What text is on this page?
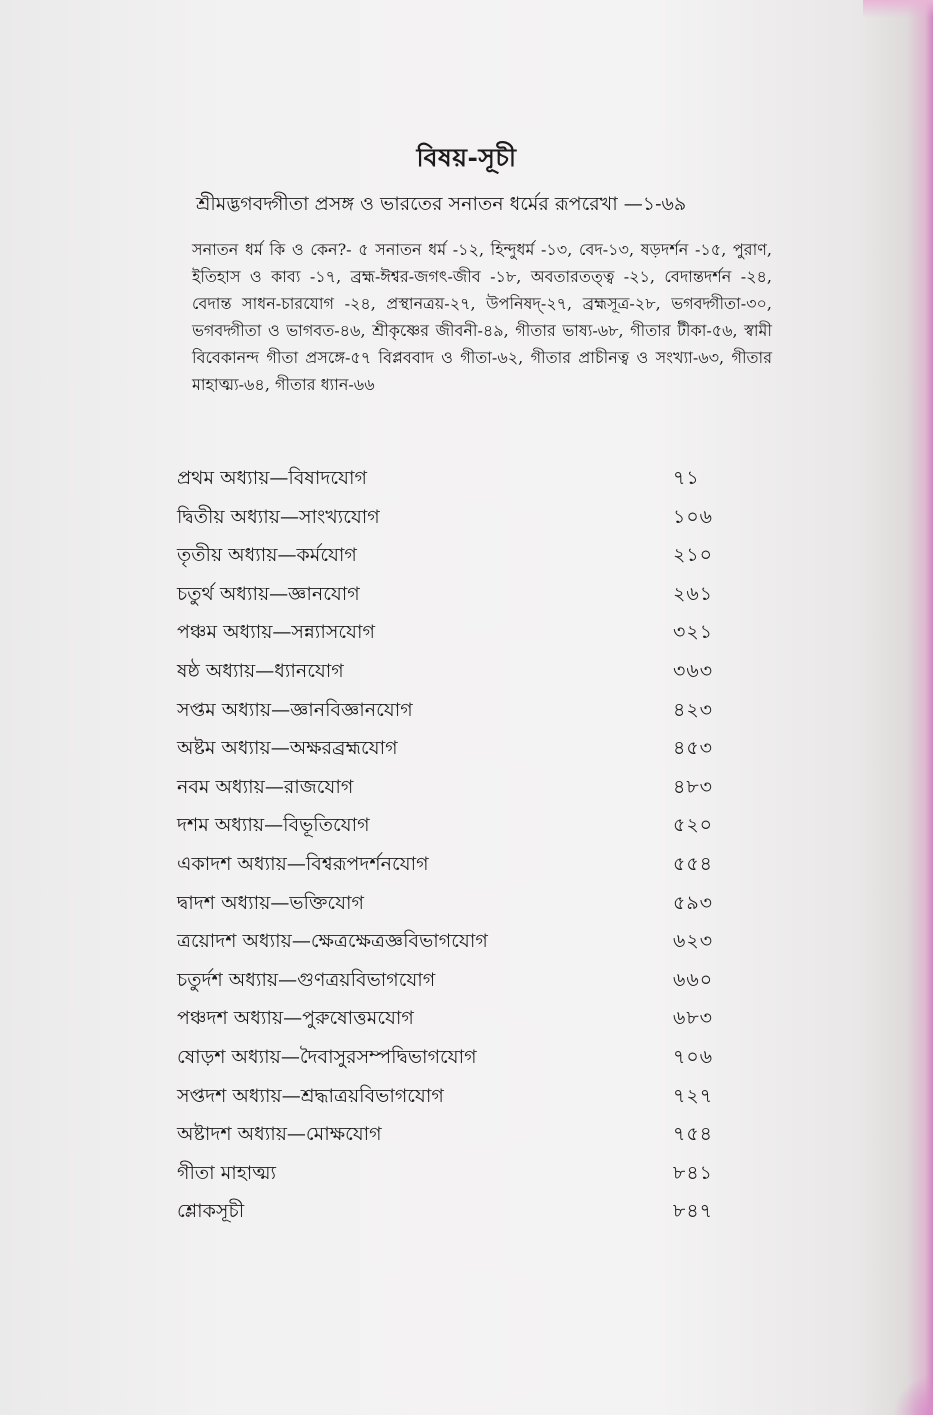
বিষয়-সূচী
শ্রীমদ্ভগবদ্গীতা প্রসঙ্গ ও ভারতের সনাতন ধর্মের রূপরেখা —১-৬৯
সনাতন ধর্ম কি ও কেন?- ৫ সনাতন ধর্ম -১২, হিন্দুধর্ম -১৩, বেদ-১৩, ষড়দর্শন -১৫, পুরাণ, ইতিহাস ও কাব্য -১৭, ব্রহ্ম-ঈশ্বর-জগৎ-জীব -১৮, অবতারতত্ত্ব -২১, বেদান্তদর্শন -২৪, বেদান্ত সাধন-চারযোগ -২৪, প্রস্থানত্রয়-২৭, উপনিষদ্-২৭, ব্রহ্মসূত্র-২৮, ভগবদ্গীতা-৩০, ভগবদ্গীতা ও ভাগবত-৪৬, শ্রীকৃষ্ণের জীবনী-৪৯, গীতার ভাষ্য-৬৮, গীতার টীকা-৫৬, স্বামী বিবেকানন্দ গীতা প্রসঙ্গে-৫৭ বিপ্লববাদ ও গীতা-৬২, গীতার প্রাচীনত্ব ও সংখ্যা-৬৩, গীতার মাহাত্ম্য-৬৪, গীতার ধ্যান-৬৬
প্রথম অধ্যায়—বিষাদযোগ	৭১
দ্বিতীয় অধ্যায়—সাংখ্যযোগ	১০৬
তৃতীয় অধ্যায়—কর্মযোগ	২১০
চতুর্থ অধ্যায়—জ্ঞানযোগ	২৬১
পঞ্চম অধ্যায়—সন্ন্যাসযোগ	৩২১
ষষ্ঠ অধ্যায়—ধ্যানযোগ	৩৬৩
সপ্তম অধ্যায়—জ্ঞানবিজ্ঞানযোগ	৪২৩
অষ্টম অধ্যায়—অক্ষরব্রহ্মযোগ	৪৫৩
নবম অধ্যায়—রাজযোগ	৪৮৩
দশম অধ্যায়—বিভূতিযোগ	৫২০
একাদশ অধ্যায়—বিশ্বরূপদর্শনযোগ	৫৫৪
দ্বাদশ অধ্যায়—ভক্তিযোগ	৫৯৩
ত্রয়োদশ অধ্যায়—ক্ষেত্রক্ষেত্রজ্ঞবিভাগযোগ	৬২৩
চতুর্দশ অধ্যায়—গুণত্রয়বিভাগযোগ	৬৬০
পঞ্চদশ অধ্যায়—পুরুষোত্তমযোগ	৬৮৩
ষোড়শ অধ্যায়—দৈবাসুরসম্পদ্বিভাগযোগ	৭০৬
সপ্তদশ অধ্যায়—শ্রদ্ধাত্রয়বিভাগযোগ	৭২৭
অষ্টাদশ অধ্যায়—মোক্ষযোগ	৭৫৪
গীতা মাহাত্ম্য	৮৪১
শ্লোকসূচী	৮৪৭
